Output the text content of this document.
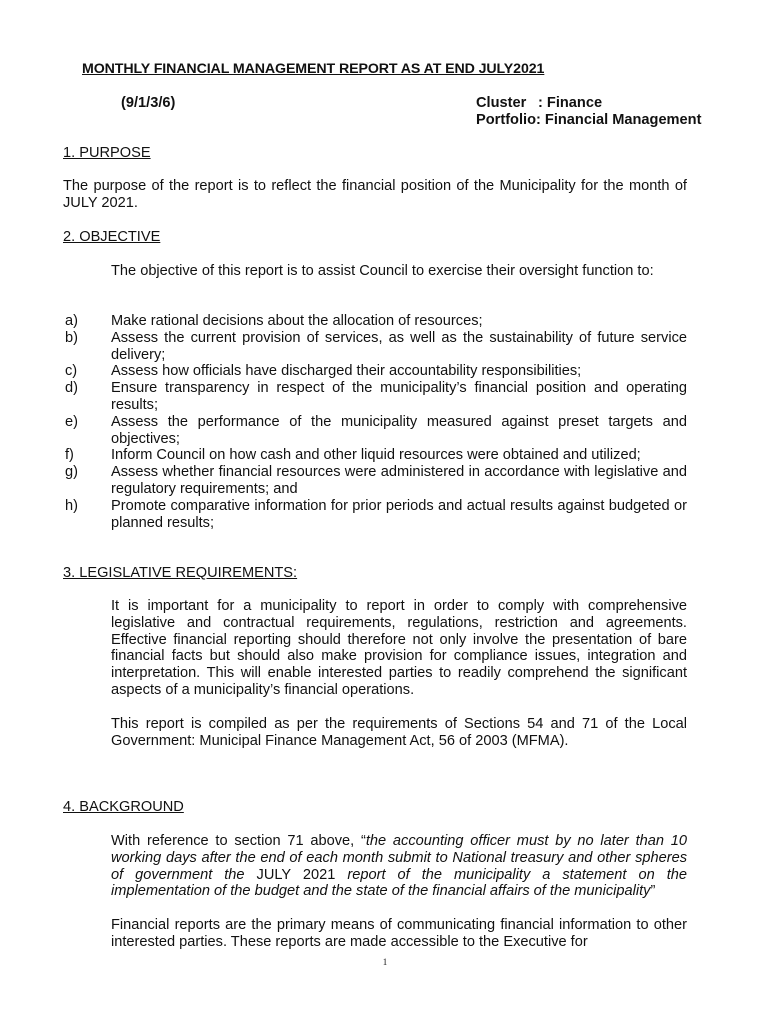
MONTHLY FINANCIAL MANAGEMENT REPORT AS AT END JULY2021
(9/1/3/6)	Cluster : Finance
Portfolio: Financial Management
1. PURPOSE
The purpose of the report is to reflect the financial position of the Municipality for the month of JULY 2021.
2. OBJECTIVE
The objective of this report is to assist Council to exercise their oversight function to:
a)	Make rational decisions about the allocation of resources;
b)	Assess the current provision of services, as well as the sustainability of future service delivery;
c)	Assess how officials have discharged their accountability responsibilities;
d)	Ensure transparency in respect of the municipality’s financial position and operating results;
e)	Assess the performance of the municipality measured against preset targets and objectives;
f)	Inform Council on how cash and other liquid resources were obtained and utilized;
g)	Assess whether financial resources were administered in accordance with legislative and regulatory requirements; and
h)	Promote comparative information for prior periods and actual results against budgeted or planned results;
3. LEGISLATIVE REQUIREMENTS:
It is important for a municipality to report in order to comply with comprehensive legislative and contractual requirements, regulations, restriction and agreements. Effective financial reporting should therefore not only involve the presentation of bare financial facts but should also make provision for compliance issues, integration and interpretation. This will enable interested parties to readily comprehend the significant aspects of a municipality’s financial operations.
This report is compiled as per the requirements of Sections 54 and 71 of the Local Government: Municipal Finance Management Act, 56 of 2003 (MFMA).
4. BACKGROUND
With reference to section 71 above, “the accounting officer must by no later than 10 working days after the end of each month submit to National treasury and other spheres of government the JULY 2021 report of the municipality a statement on the implementation of the budget and the state of the financial affairs of the municipality”
Financial reports are the primary means of communicating financial information to other interested parties. These reports are made accessible to the Executive for
1
